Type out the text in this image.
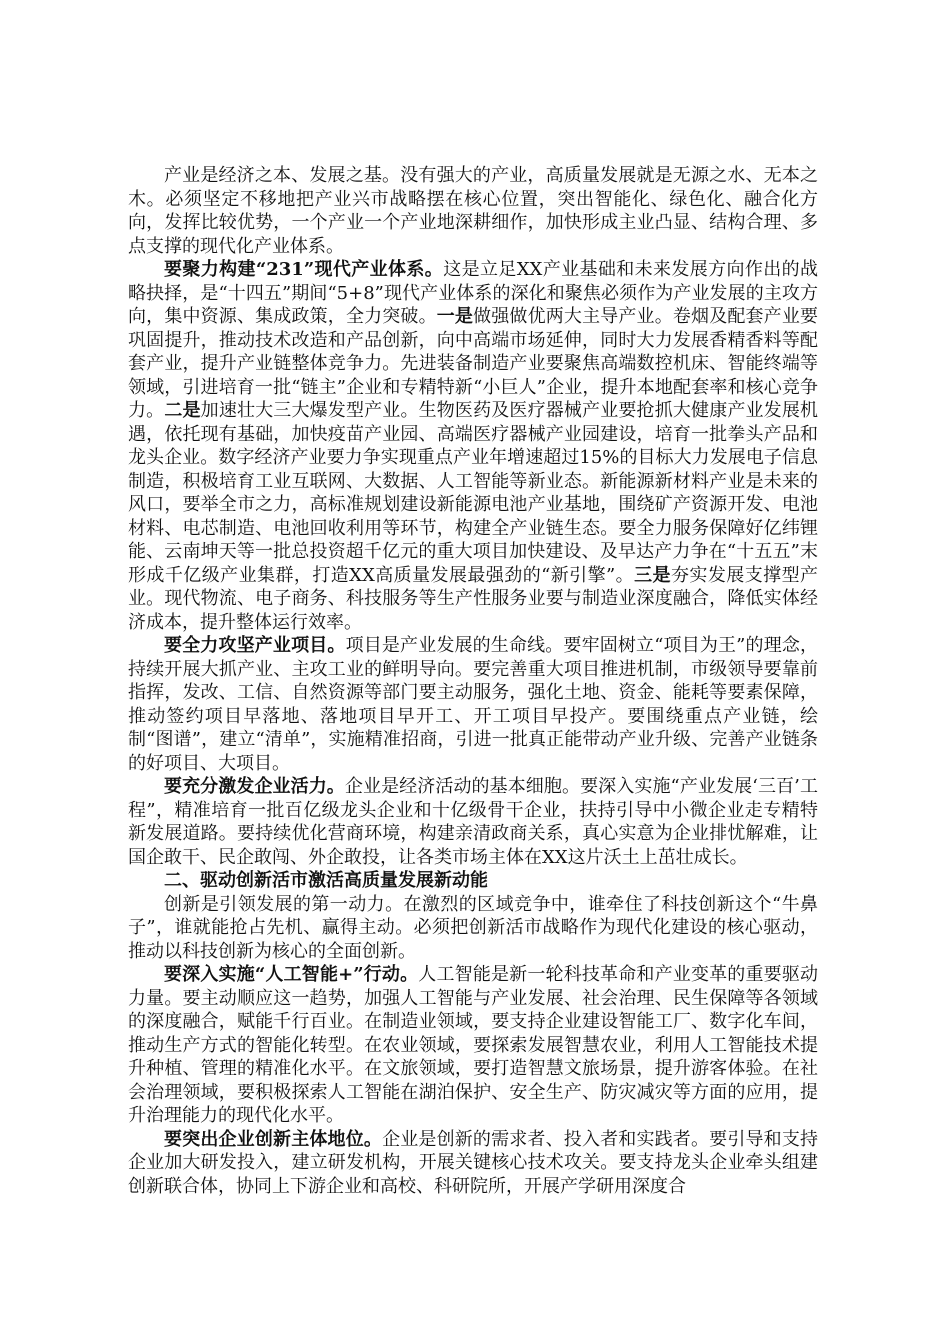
产业是经济之本、发展之基。没有强大的产业，高质量发展就是无源之水、无本之木。必须坚定不移地把产业兴市战略摆在核心位置，突出智能化、绿色化、融合化方向，发挥比较优势，一个产业一个产业地深耕细作，加快形成主业凸显、结构合理、多点支撑的现代化产业体系。

要聚力构建“231”现代产业体系。这是立足XX产业基础和未来发展方向作出的战略抉择，是“十四五”期间“5+8”现代产业体系的深化和聚焦必须作为产业发展的主攻方向，集中资源、集成政策，全力突破。一是做强做优两大主导产业。卷烟及配套产业要巩固提升，推动技术改造和产品创新，向中高端市场延伸，同时大力发展香精香料等配套产业，提升产业链整体竞争力。先进装备制造产业要聚焦高端数控机床、智能终端等领域，引进培育一批“链主”企业和专精特新“小巨人”企业，提升本地配套率和核心竞争力。二是加速壮大三大爆发型产业。生物医药及医疗器械产业要抢抓大健康产业发展机遇，依托现有基础，加快疫苗产业园、高端医疗器械产业园建设，培育一批拳头产品和龙头企业。数字经济产业要力争实现重点产业年增速超过15%的目标大力发展电子信息制造，积极培育工业互联网、大数据、人工智能等新业态。新能源新材料产业是未来的风口，要举全市之力，高标准规划建设新能源电池产业基地，围绕矿产资源开发、电池材料、电芯制造、电池回收利用等环节，构建全产业链生态。要全力服务保障好亿纬锂能、云南坤天等一批总投资超千亿元的重大项目加快建设、及早达产力争在“十五五”末形成千亿级产业集群，打造XX高质量发展最强劲的“新引擎”。三是夯实发展支撑型产业。现代物流、电子商务、科技服务等生产性服务业要与制造业深度融合，降低实体经济成本，提升整体运行效率。

要全力攻坚产业项目。项目是产业发展的生命线。要牢固树立“项目为王”的理念，持续开展大抓产业、主攻工业的鲜明导向。要完善重大项目推进机制，市级领导要靠前指挥，发改、工信、自然资源等部门要主动服务，强化土地、资金、能耗等要素保障，推动签约项目早落地、落地项目早开工、开工项目早投产。要围绕重点产业链，绘制“图谱”，建立“清单”，实施精准招商，引进一批真正能带动产业升级、完善产业链条的好项目、大项目。

要充分激发企业活力。企业是经济活动的基本细胞。要深入实施“产业发展‘三百’工程”，精准培育一批百亿级龙头企业和十亿级骨干企业，扶持引导中小微企业走专精特新发展道路。要持续优化营商环境，构建亲清政商关系，真心实意为企业排忧解难，让国企敢干、民企敢闯、外企敢投，让各类市场主体在XX这片沃土上茁壮成长。

二、驱动创新活市激活高质量发展新动能

创新是引领发展的第一动力。在激烈的区域竞争中，谁牵住了科技创新这个“牛鼻子”，谁就能抢占先机、赢得主动。必须把创新活市战略作为现代化建设的核心驱动，推动以科技创新为核心的全面创新。

要深入实施“人工智能+”行动。人工智能是新一轮科技革命和产业变革的重要驱动力量。要主动顺应这一趋势，加强人工智能与产业发展、社会治理、民生保障等各领域的深度融合，赋能千行百业。在制造业领域，要支持企业建设智能工厂、数字化车间，推动生产方式的智能化转型。在农业领域，要探索发展智慧农业，利用人工智能技术提升种植、管理的精准化水平。在文旅领域，要打造智慧文旅场景，提升游客体验。在社会治理领域，要积极探索人工智能在湖泊保护、安全生产、防灾减灾等方面的应用，提升治理能力的现代化水平。

要突出企业创新主体地位。企业是创新的需求者、投入者和实践者。要引导和支持企业加大研发投入，建立研发机构，开展关键核心技术攻关。要支持龙头企业牵头组建创新联合体，协同上下游企业和高校、科研院所，开展产学研用深度合
